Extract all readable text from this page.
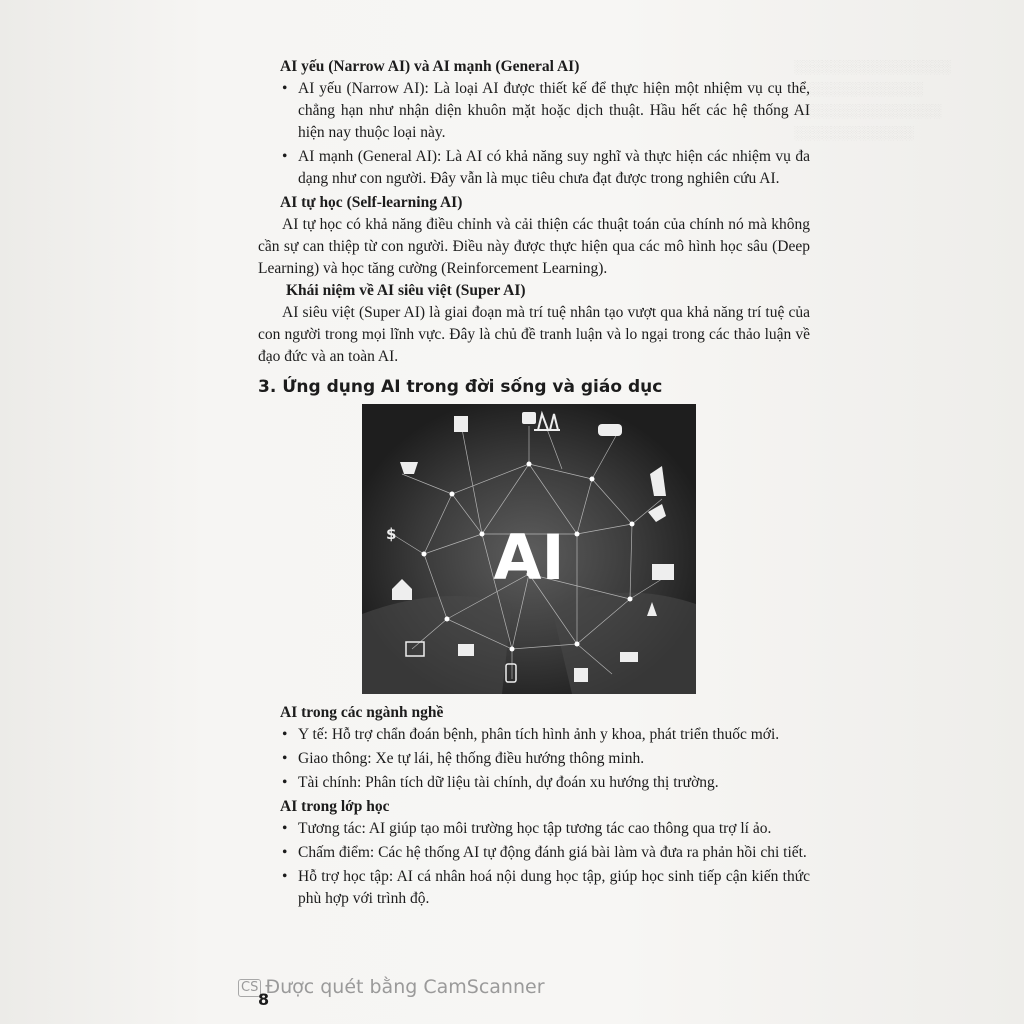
░░░░░░░░░░░░░░░░░
░░░░░░░░░░░░░░
░░░░░░░░░░░░░░░░
░░░░░░░░░░░░░

AI yếu (Narrow AI) và AI mạnh (General AI)

• AI yếu (Narrow AI): Là loại AI được thiết kế để thực hiện một nhiệm vụ cụ thể, chẳng hạn như nhận diện khuôn mặt hoặc dịch thuật. Hầu hết các hệ thống AI hiện nay thuộc loại này.
• AI mạnh (General AI): Là AI có khả năng suy nghĩ và thực hiện các nhiệm vụ đa dạng như con người. Đây vẫn là mục tiêu chưa đạt được trong nghiên cứu AI.

AI tự học (Self-learning AI)

AI tự học có khả năng điều chỉnh và cải thiện các thuật toán của chính nó mà không cần sự can thiệp từ con người. Điều này được thực hiện qua các mô hình học sâu (Deep Learning) và học tăng cường (Reinforcement Learning).

Khái niệm về AI siêu việt (Super AI)

AI siêu việt (Super AI) là giai đoạn mà trí tuệ nhân tạo vượt qua khả năng trí tuệ của con người trong mọi lĩnh vực. Đây là chủ đề tranh luận và lo ngại trong các thảo luận về đạo đức và an toàn AI.

3. Ứng dụng AI trong đời sống và giáo dục
$ AI

AI trong các ngành nghề

• Y tế: Hỗ trợ chẩn đoán bệnh, phân tích hình ảnh y khoa, phát triển thuốc mới.
• Giao thông: Xe tự lái, hệ thống điều hướng thông minh.
• Tài chính: Phân tích dữ liệu tài chính, dự đoán xu hướng thị trường.

AI trong lớp học

• Tương tác: AI giúp tạo môi trường học tập tương tác cao thông qua trợ lí ảo.
• Chấm điểm: Các hệ thống AI tự động đánh giá bài làm và đưa ra phản hồi chi tiết.
• Hỗ trợ học tập: AI cá nhân hoá nội dung học tập, giúp học sinh tiếp cận kiến thức phù hợp với trình độ.
CS Được quét bằng CamScanner
8
